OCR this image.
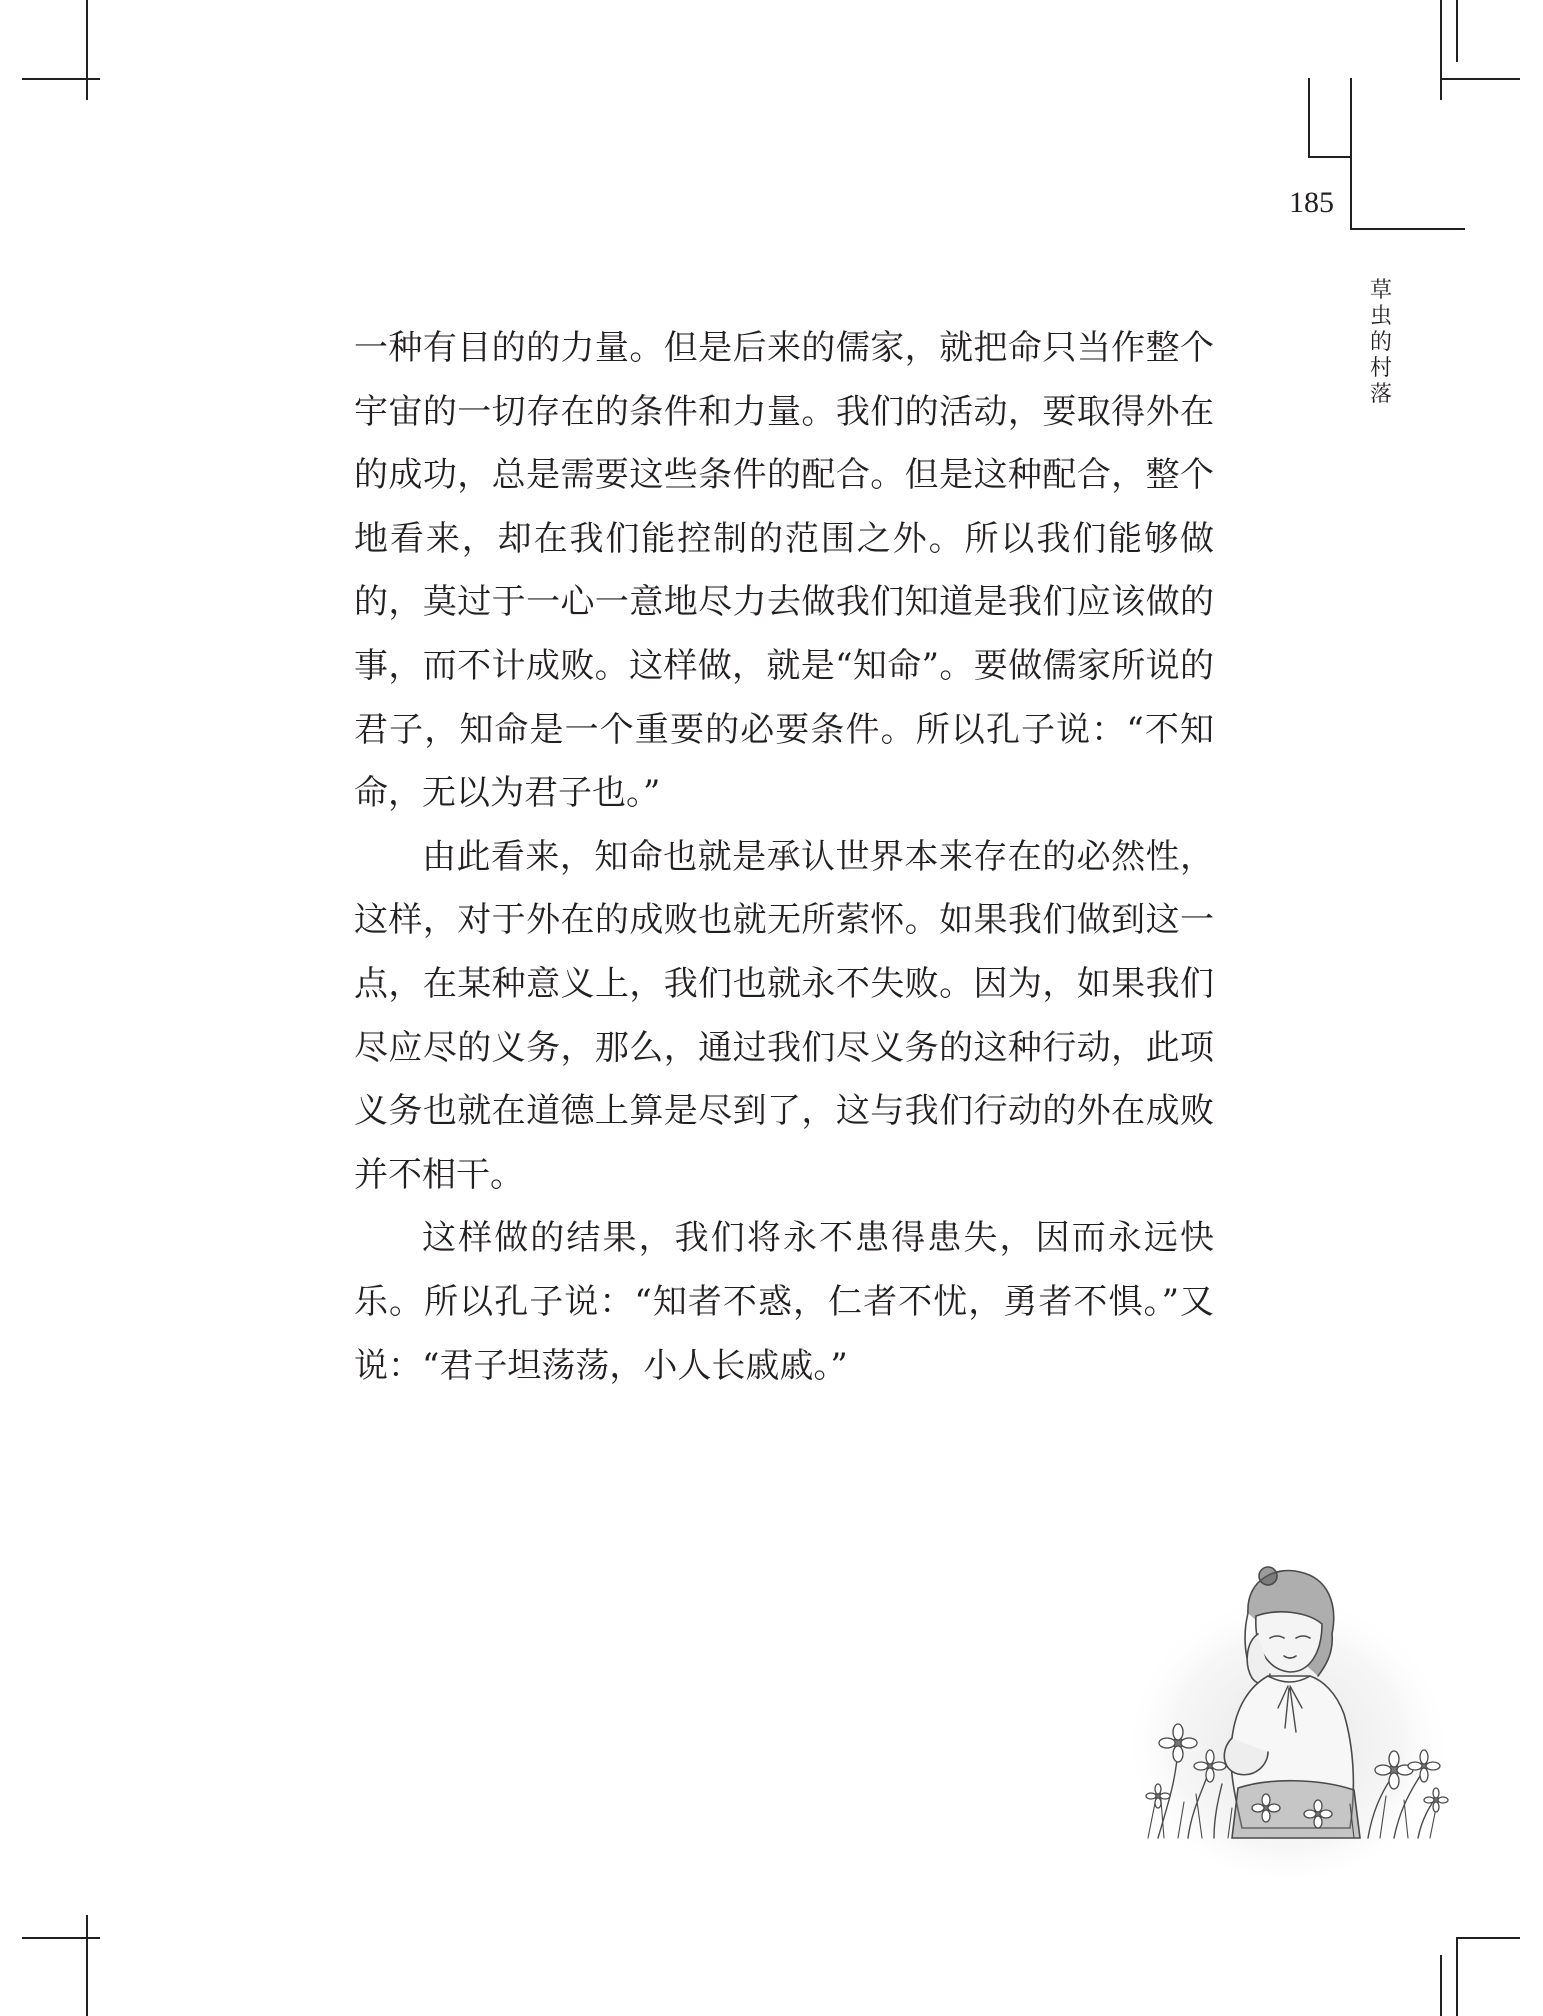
185
草虫的村落

一种有目的的力量。但是后来的儒家，就把命只当作整个宇宙的一切存在的条件和力量。我们的活动，要取得外在的成功，总是需要这些条件的配合。但是这种配合，整个地看来，却在我们能控制的范围之外。所以我们能够做的，莫过于一心一意地尽力去做我们知道是我们应该做的事，而不计成败。这样做，就是“知命”。要做儒家所说的君子，知命是一个重要的必要条件。所以孔子说：“不知命，无以为君子也。”

由此看来，知命也就是承认世界本来存在的必然性，这样，对于外在的成败也就无所萦怀。如果我们做到这一点，在某种意义上，我们也就永不失败。因为，如果我们尽应尽的义务，那么，通过我们尽义务的这种行动，此项义务也就在道德上算是尽到了，这与我们行动的外在成败并不相干。

这样做的结果，我们将永不患得患失，因而永远快乐。所以孔子说：“知者不惑，仁者不忧，勇者不惧。”又说：“君子坦荡荡，小人长戚戚。”
